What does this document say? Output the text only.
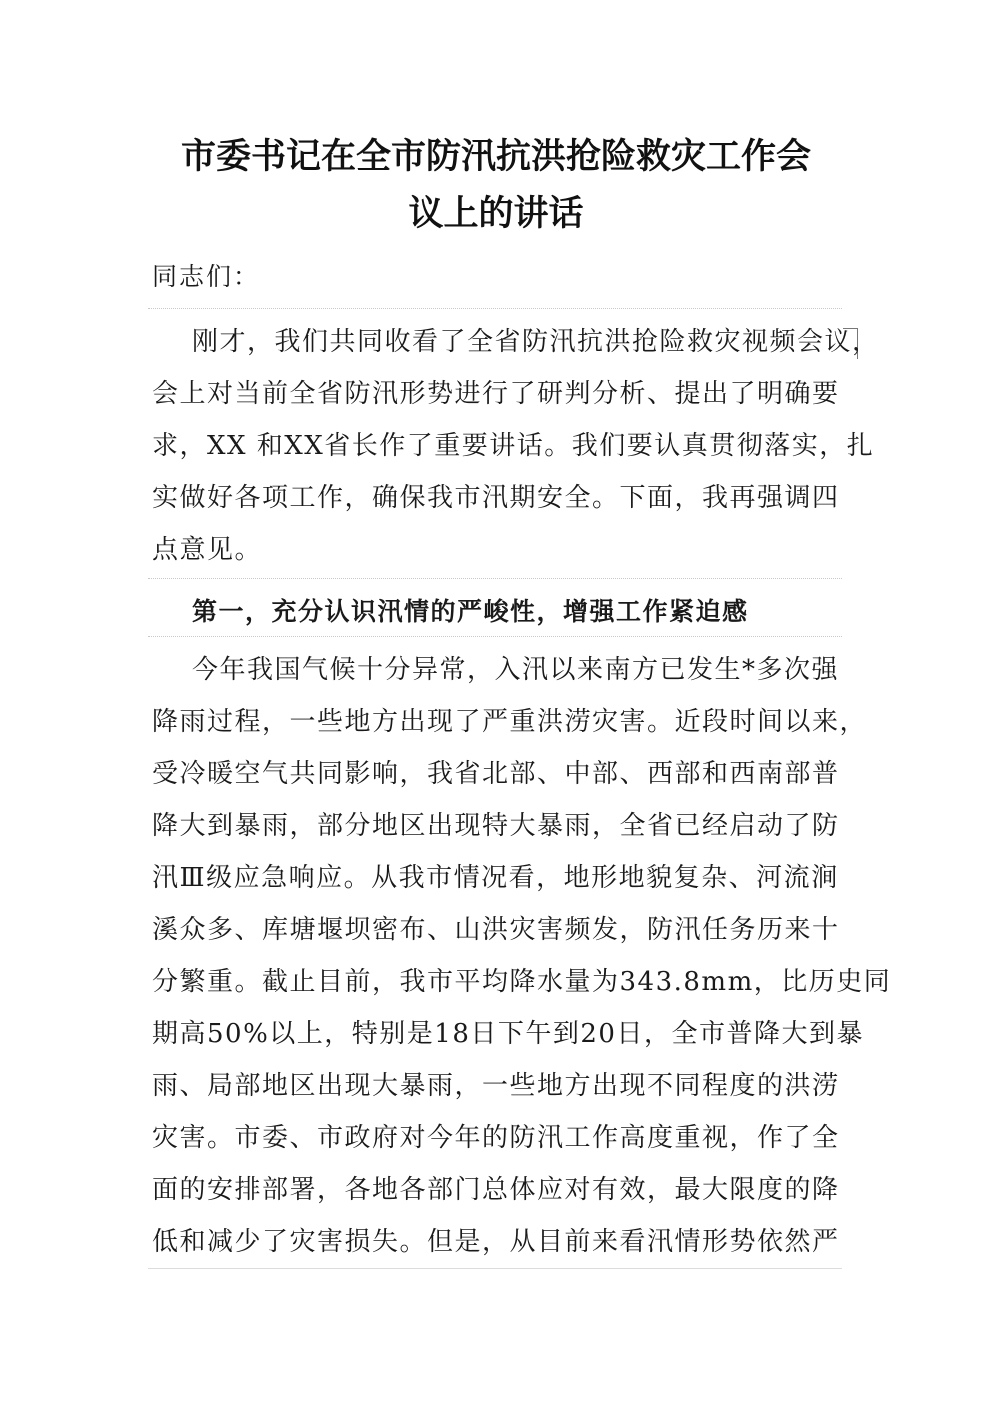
市委书记在全市防汛抗洪抢险救灾工作会
议上的讲话
同志们：
刚才，我们共同收看了全省防汛抗洪抢险救灾视频会议，
会上对当前全省防汛形势进行了研判分析、提出了明确要
求，XX 和XX省长作了重要讲话。我们要认真贯彻落实，扎
实做好各项工作，确保我市汛期安全。下面，我再强调四
点意见。
第一，充分认识汛情的严峻性，增强工作紧迫感
今年我国气候十分异常，入汛以来南方已发生*多次强
降雨过程，一些地方出现了严重洪涝灾害。近段时间以来，
受冷暖空气共同影响，我省北部、中部、西部和西南部普
降大到暴雨，部分地区出现特大暴雨，全省已经启动了防
汛Ⅲ级应急响应。从我市情况看，地形地貌复杂、河流涧
溪众多、库塘堰坝密布、山洪灾害频发，防汛任务历来十
分繁重。截止目前，我市平均降水量为343.8mm，比历史同
期高50%以上，特别是18日下午到20日，全市普降大到暴
雨、局部地区出现大暴雨，一些地方出现不同程度的洪涝
灾害。市委、市政府对今年的防汛工作高度重视，作了全
面的安排部署，各地各部门总体应对有效，最大限度的降
低和减少了灾害损失。但是，从目前来看汛情形势依然严
